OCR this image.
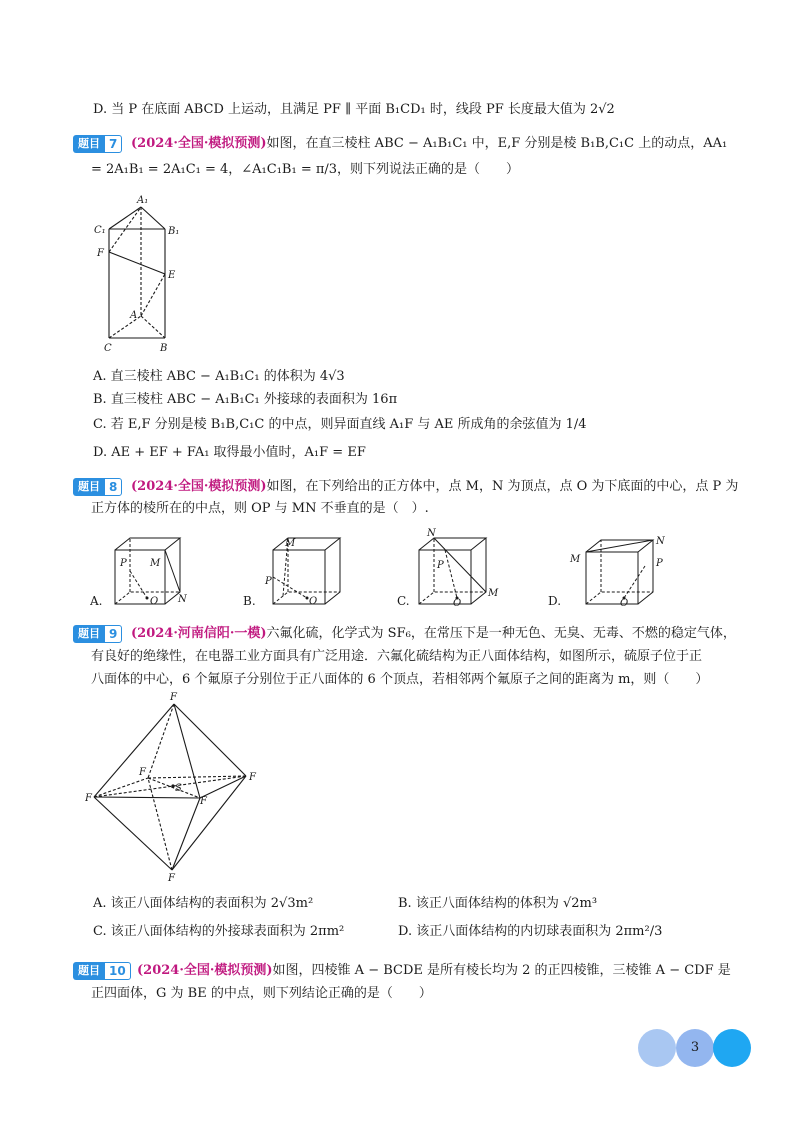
D. 当 P 在底面 ABCD 上运动，且满足 PF ∥ 平面 B₁CD₁ 时，线段 PF 长度最大值为 2√2
题目 7	(2024·全国·模拟预测)如图，在直三棱柱 ABC − A₁B₁C₁ 中，E,F 分别是棱 B₁B,C₁C 上的动点，AA₁
= 2A₁B₁ = 2A₁C₁ = 4，∠A₁C₁B₁ = π/3，则下列说法正确的是（　　）
A₁
C₁	B₁
F
E
A
C	B
A. 直三棱柱 ABC − A₁B₁C₁ 的体积为 4√3
B. 直三棱柱 ABC − A₁B₁C₁ 外接球的表面积为 16π
C. 若 E,F 分别是棱 B₁B,C₁C 的中点，则异面直线 A₁F 与 AE 所成角的余弦值为 1/4
D. AE + EF + FA₁ 取得最小值时，A₁F = EF
题目 8	(2024·全国·模拟预测)如图，在下列给出的正方体中，点 M，N 为顶点，点 O 为下底面的中心，点 P 为
正方体的棱所在的中点，则 OP 与 MN 不垂直的是（　）.
A.
P M
O N	B.
M
P
O	C.
N
P
O
M
D.
M
N
P
O
题目 9	(2024·河南信阳·一模)六氟化硫，化学式为 SF₆，在常压下是一种无色、无臭、无毒、不燃的稳定气体，
有良好的绝缘性，在电器工业方面具有广泛用途．六氟化硫结构为正八面体结构，如图所示，硫原子位于正
八面体的中心，6 个氟原子分别位于正八面体的 6 个顶点，若相邻两个氟原子之间的距离为 m，则（　　）
F
F
F
F
F
F
S
A. 该正八面体结构的表面积为 2√3m²	B. 该正八面体结构的体积为 √2m³
C. 该正八面体结构的外接球表面积为 2πm²	D. 该正八面体结构的内切球表面积为 2πm²/3
题目 10 (2024·全国·模拟预测)如图，四棱锥 A − BCDE 是所有棱长均为 2 的正四棱锥，三棱锥 A − CDF 是
正四面体，G 为 BE 的中点，则下列结论正确的是（　　）
3
